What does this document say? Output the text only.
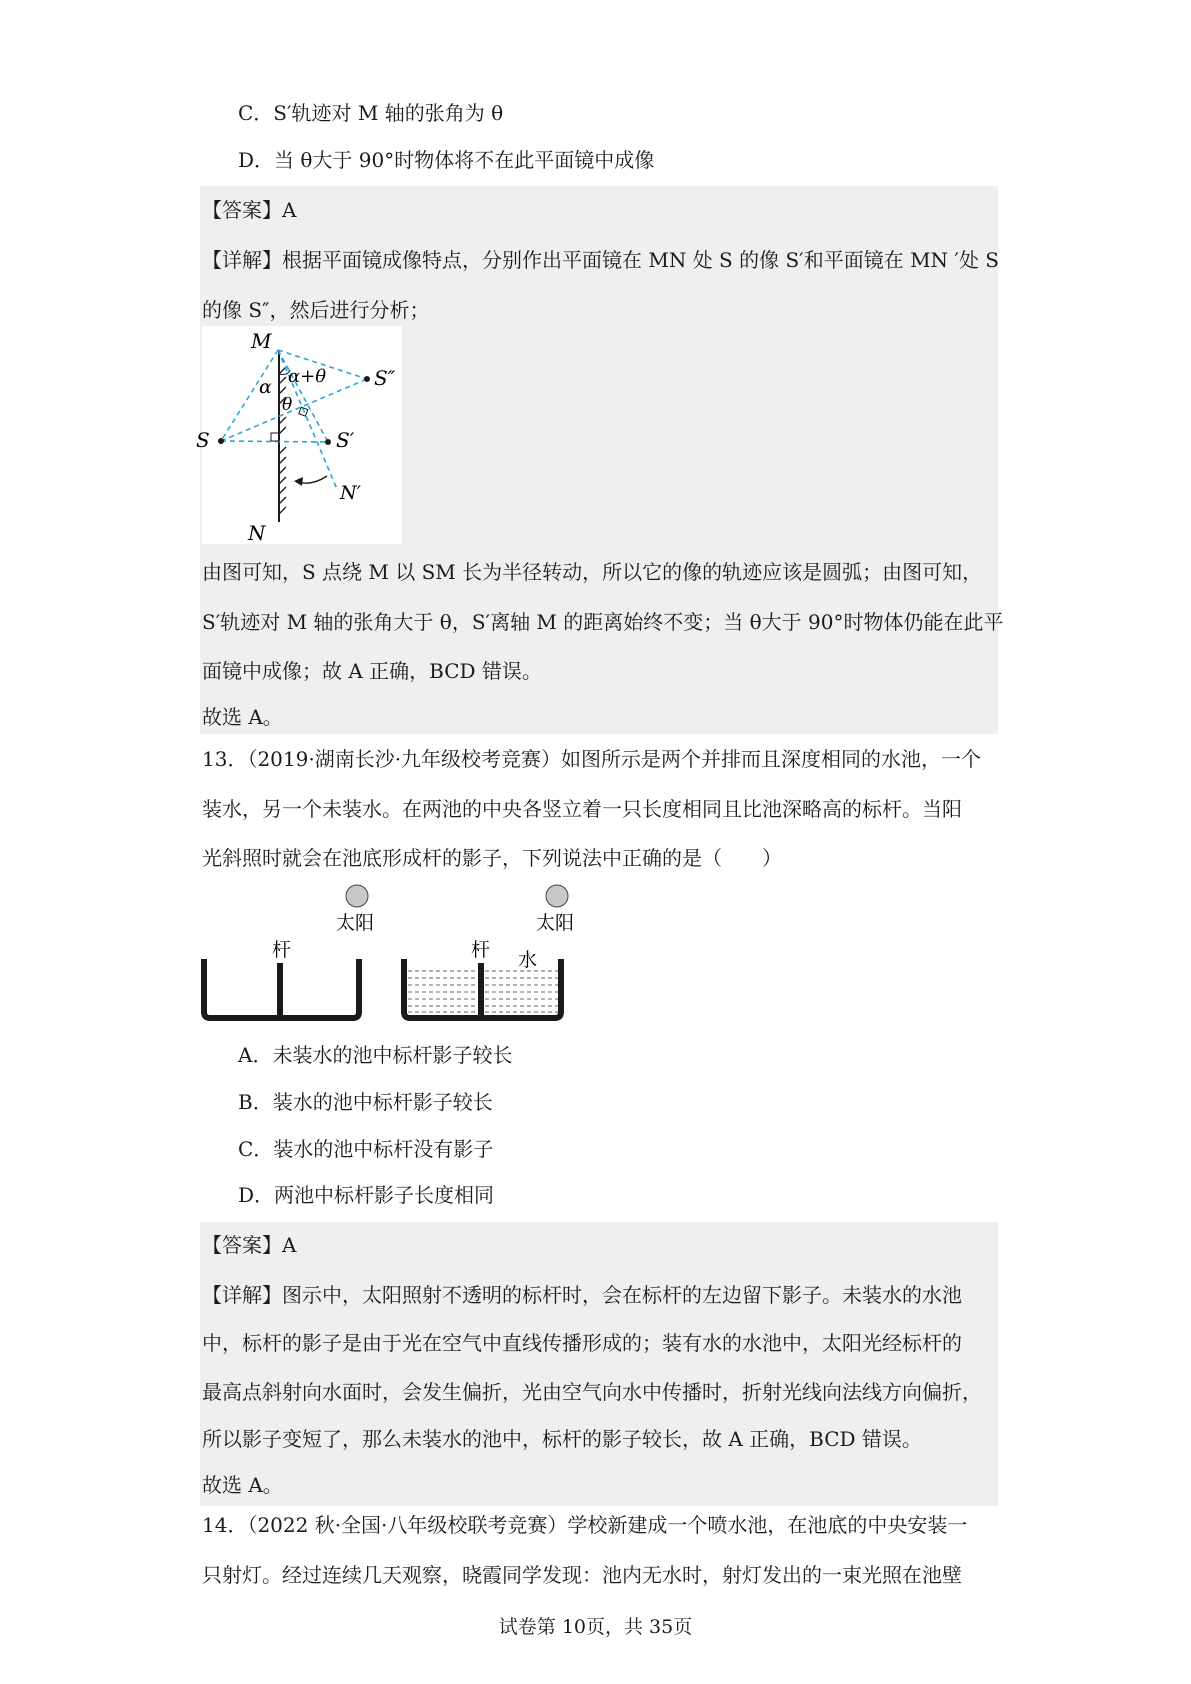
C．S′轨迹对 M 轴的张角为 θ
D．当 θ大于 90°时物体将不在此平面镜中成像
【答案】A
【详解】根据平面镜成像特点，分别作出平面镜在 MN 处 S 的像 S′和平面镜在 MN ′处 S
的像 S″，然后进行分析；
M
N
S	S′
S″
N′
α
θ
α+θ
由图可知，S 点绕 M 以 SM 长为半径转动，所以它的像的轨迹应该是圆弧；由图可知，
S′轨迹对 M 轴的张角大于 θ，S′离轴 M 的距离始终不变；当 θ大于 90°时物体仍能在此平
面镜中成像；故 A 正确，BCD 错误。
故选 A。
13．（2019·湖南长沙·九年级校考竞赛）如图所示是两个并排而且深度相同的水池，一个
装水，另一个未装水。在两池的中央各竖立着一只长度相同且比池深略高的标杆。当阳
光斜照时就会在池底形成杆的影子，下列说法中正确的是（　　）
太阳	太阳
杆	杆 水
A．未装水的池中标杆影子较长
B．装水的池中标杆影子较长
C．装水的池中标杆没有影子
D．两池中标杆影子长度相同
【答案】A
【详解】图示中，太阳照射不透明的标杆时，会在标杆的左边留下影子。未装水的水池
中，标杆的影子是由于光在空气中直线传播形成的；装有水的水池中，太阳光经标杆的
最高点斜射向水面时，会发生偏折，光由空气向水中传播时，折射光线向法线方向偏折，
所以影子变短了，那么未装水的池中，标杆的影子较长，故 A 正确，BCD 错误。
故选 A。
14．（2022 秋·全国·八年级校联考竞赛）学校新建成一个喷水池，在池底的中央安装一
只射灯。经过连续几天观察，晓霞同学发现：池内无水时，射灯发出的一束光照在池壁
试卷第 10页，共 35页
